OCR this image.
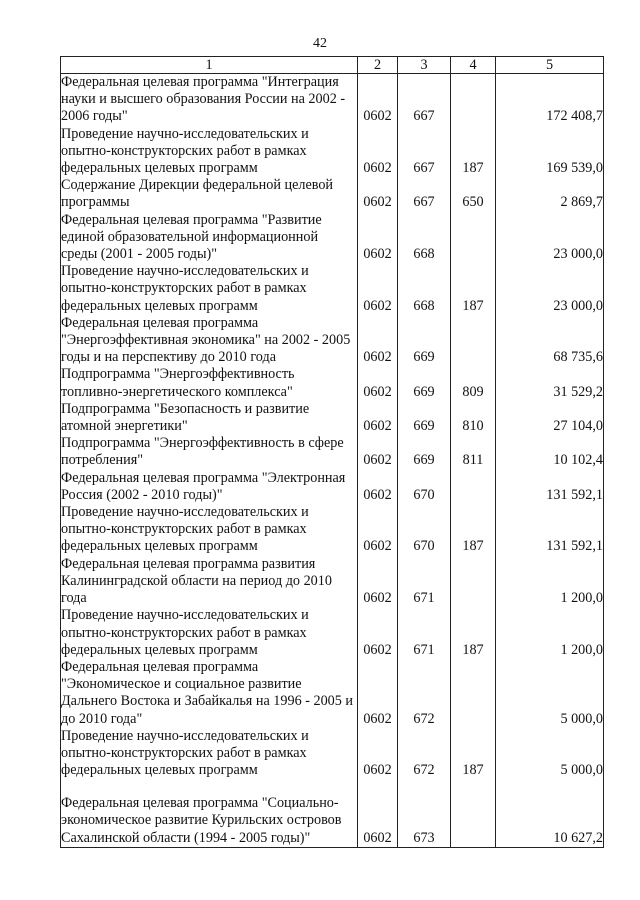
42
1	2	3	4	5
Федеральная целевая программа "Интеграция науки и высшего образования России на 2002 - 2006 годы"	0602	667		172 408,7
Проведение научно-исследовательских и опытно-конструкторских работ в рамках федеральных целевых программ	0602	667	187	169 539,0
Содержание Дирекции федеральной целевой программы	0602	667	650	2 869,7
Федеральная целевая программа "Развитие единой образовательной информационной среды (2001 - 2005 годы)"	0602	668		23 000,0
Проведение научно-исследовательских и опытно-конструкторских работ в рамках федеральных целевых программ	0602	668	187	23 000,0
Федеральная целевая программа "Энергоэффективная экономика" на 2002 - 2005 годы и на перспективу до 2010 года	0602	669		68 735,6
Подпрограмма "Энергоэффективность топливно-энергетического комплекса"	0602	669	809	31 529,2
Подпрограмма "Безопасность и развитие атомной энергетики"	0602	669	810	27 104,0
Подпрограмма "Энергоэффективность в сфере потребления"	0602	669	811	10 102,4
Федеральная целевая программа "Электронная Россия (2002 - 2010 годы)"	0602	670		131 592,1
Проведение научно-исследовательских и опытно-конструкторских работ в рамках федеральных целевых программ	0602	670	187	131 592,1
Федеральная целевая программа развития Калининградской области на период до 2010 года	0602	671		1 200,0
Проведение научно-исследовательских и опытно-конструкторских работ в рамках федеральных целевых программ	0602	671	187	1 200,0
Федеральная целевая программа "Экономическое и социальное развитие Дальнего Востока и Забайкалья на 1996 - 2005 и до 2010 года"	0602	672		5 000,0
Проведение научно-исследовательских и опытно-конструкторских работ в рамках федеральных целевых программ	0602	672	187	5 000,0
Федеральная целевая программа "Социально-экономическое развитие Курильских островов Сахалинской области (1994 - 2005 годы)"	0602	673		10 627,2
